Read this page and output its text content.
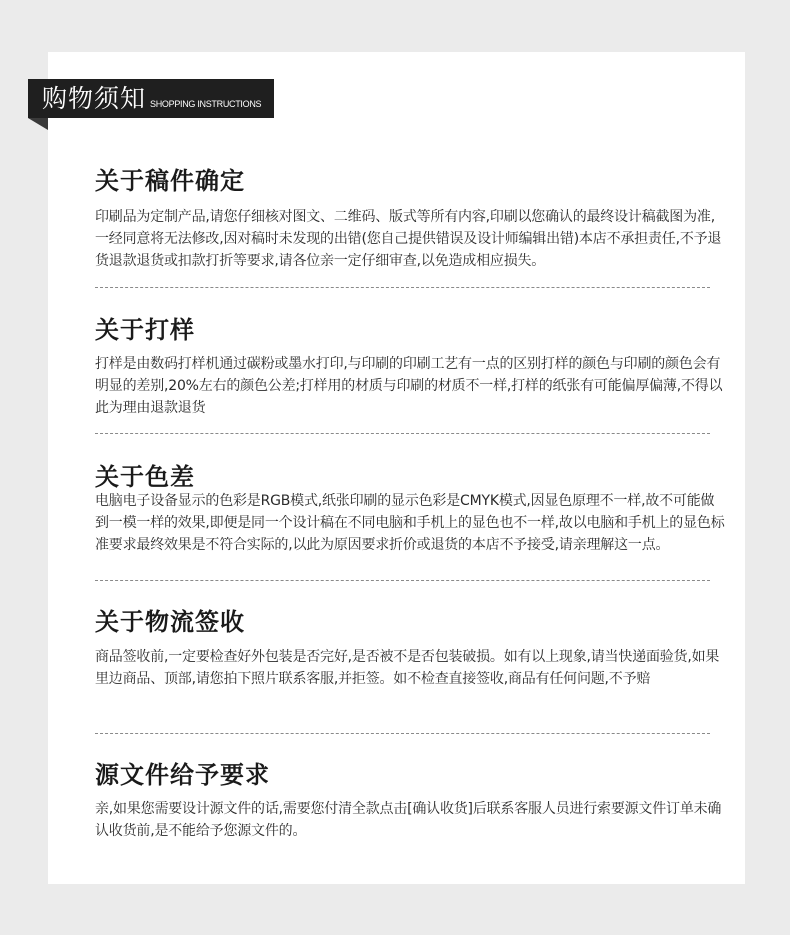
购物须知 SHOPPING INSTRUCTIONS
关于稿件确定

印刷品为定制产品,请您仔细核对图文、二维码、版式等所有内容,印刷以您确认的最终设计稿截图为准,一经同意将无法修改,因对稿时未发现的出错(您自己提供错误及设计师编辑出错)本店不承担责任,不予退货退款退货或扣款打折等要求,请各位亲一定仔细审查,以免造成相应损失。

关于打样

打样是由数码打样机通过碳粉或墨水打印,与印刷的印刷工艺有一点的区别打样的颜色与印刷的颜色会有明显的差别,20%左右的颜色公差;打样用的材质与印刷的材质不一样,打样的纸张有可能偏厚偏薄,不得以此为理由退款退货

关于色差

电脑电子设备显示的色彩是RGB模式,纸张印刷的显示色彩是CMYK模式,因显色原理不一样,故不可能做到一模一样的效果,即便是同一个设计稿在不同电脑和手机上的显色也不一样,故以电脑和手机上的显色标准要求最终效果是不符合实际的,以此为原因要求折价或退货的本店不予接受,请亲理解这一点。

关于物流签收

商品签收前,一定要检查好外包装是否完好,是否被不是否包装破损。如有以上现象,请当快递面验货,如果里边商品、顶部,请您拍下照片联系客服,并拒签。如不检查直接签收,商品有任何问题,不予赔

源文件给予要求

亲,如果您需要设计源文件的话,需要您付清全款点击[确认收货]后联系客服人员进行索要源文件订单未确认收货前,是不能给予您源文件的。
